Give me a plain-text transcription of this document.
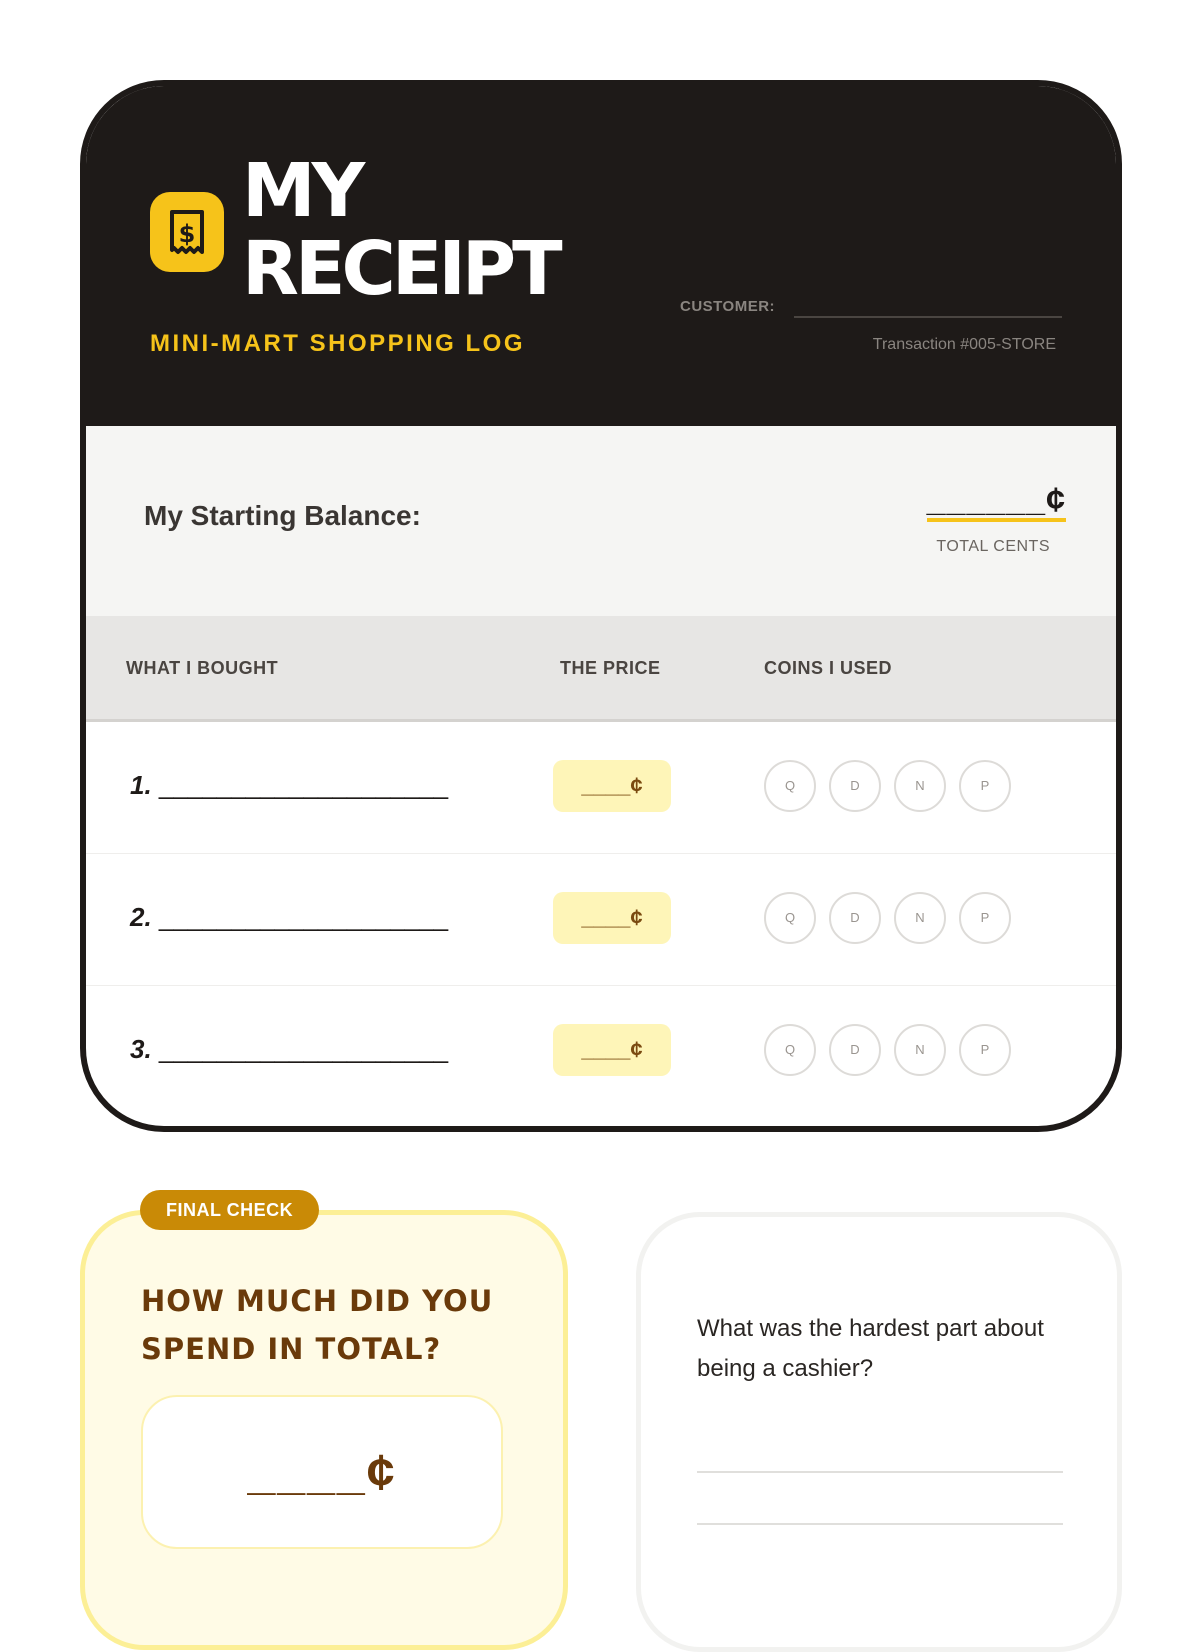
$ MY
RECEIPT
MINI-MART SHOPPING LOG
CUSTOMER:
Transaction #005-STORE
My Starting Balance:	______¢
TOTAL CENTS
WHAT I BOUGHT	THE PRICE	COINS I USED
1. ____________________	____¢	Q	D	N	P
2. ____________________	____¢	Q	D	N	P
3. ____________________	____¢	Q	D	N	P
HOW MUCH DID YOU SPEND IN TOTAL?
____¢
FINAL CHECK
What was the hardest part about being a cashier?
